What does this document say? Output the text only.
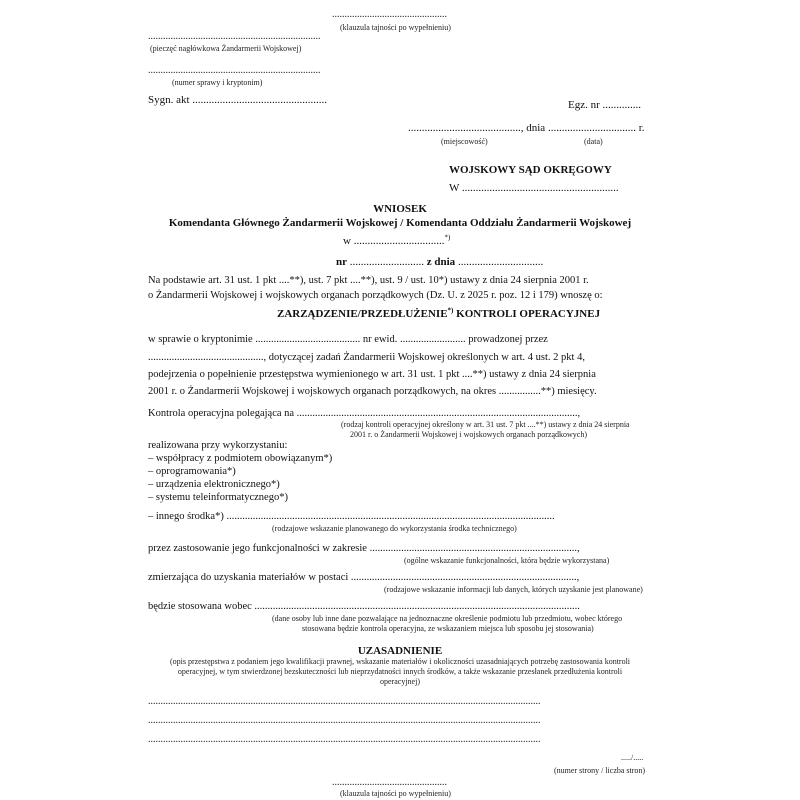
..............................................
(klauzula tajności po wypełnieniu)
.....................................................................
(pieczęć nagłówkowa Żandarmerii Wojskowej)
.....................................................................
(numer sprawy i kryptonim)
Sygn. akt .................................................	Egz. nr ..............
........................................., dnia ................................ r.
(miejscowość)	(data)
WOJSKOWY SĄD OKRĘGOWY
W .........................................................
WNIOSEK
Komendanta Głównego Żandarmerii Wojskowej / Komendanta Oddziału Żandarmerii Wojskowej
w .................................*)
nr ........................... z dnia ...............................
Na podstawie art. 31 ust. 1 pkt ....**), ust. 7 pkt ....**), ust. 9 / ust. 10*) ustawy z dnia 24 sierpnia 2001 r.
o Żandarmerii Wojskowej i wojskowych organach porządkowych (Dz. U. z 2025 r. poz. 12 i 179) wnoszę o:
ZARZĄDZENIE/PRZEDŁUŻENIE*) KONTROLI OPERACYJNEJ
w sprawie o kryptonimie ........................................ nr ewid. ......................... prowadzonej przez
............................................, dotyczącej zadań Żandarmerii Wojskowej określonych w art. 4 ust. 2 pkt 4,
podejrzenia o popełnienie przestępstwa wymienionego w art. 31 ust. 1 pkt ....**) ustawy z dnia 24 sierpnia
2001 r. o Żandarmerii Wojskowej i wojskowych organach porządkowych, na okres ................**) miesięcy.
Kontrola operacyjna polegająca na ...........................................................................................................,
(rodzaj kontroli operacyjnej określony w art. 31 ust. 7 pkt ....**) ustawy z dnia 24 sierpnia
2001 r. o Żandarmerii Wojskowej i wojskowych organach porządkowych)
realizowana przy wykorzystaniu:
– współpracy z podmiotem obowiązanym*)
– oprogramowania*)
– urządzenia elektronicznego*)
– systemu teleinformatycznego*)
– innego środka*) .............................................................................................................................
(rodzajowe wskazanie planowanego do wykorzystania środka technicznego)
przez zastosowanie jego funkcjonalności w zakresie ...............................................................................,
(ogólne wskazanie funkcjonalności, która będzie wykorzystana)
zmierzająca do uzyskania materiałów w postaci ......................................................................................,
(rodzajowe wskazanie informacji lub danych, których uzyskanie jest planowane)
będzie stosowana wobec ............................................................................................................................
(dane osoby lub inne dane pozwalające na jednoznaczne określenie podmiotu lub przedmiotu, wobec którego
stosowana będzie kontrola operacyjna, ze wskazaniem miejsca lub sposobu jej stosowania)
UZASADNIENIE
(opis przestępstwa z podaniem jego kwalifikacji prawnej, wskazanie materiałów i okoliczności uzasadniających potrzebę zastosowania kontroli
operacyjnej, w tym stwierdzonej bezskuteczności lub nieprzydatności innych środków, a także wskazanie przesłanek przedłużenia kontroli
operacyjnej)
.............................................................................................................................................................
.............................................................................................................................................................
.............................................................................................................................................................
...../.....
(numer strony / liczba stron)
..............................................
(klauzula tajności po wypełnieniu)
